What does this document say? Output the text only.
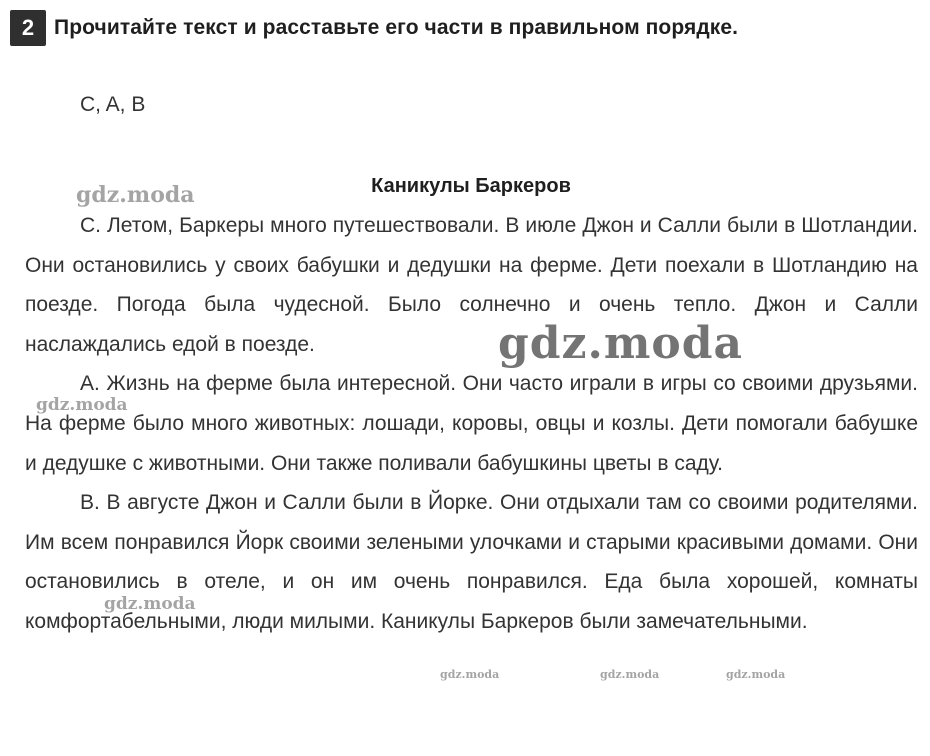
2 Прочитайте текст и расставьте его части в правильном порядке.
C, A, B
Каникулы Баркеров

С. Летом, Баркеры много путешествовали. В июле Джон и Салли были в Шотландии. Они остановились у своих бабушки и дедушки на ферме. Дети поехали в Шотландию на поезде. Погода была чудесной. Было солнечно и очень тепло. Джон и Салли наслаждались едой в поезде.

А. Жизнь на ферме была интересной. Они часто играли в игры со своими друзьями. На ферме было много животных: лошади, коровы, овцы и козлы. Дети помогали бабушке и дедушке с животными. Они также поливали бабушкины цветы в саду.

В. В августе Джон и Салли были в Йорке. Они отдыхали там со своими родителями. Им всем понравился Йорк своими зелеными улочками и старыми красивыми домами. Они остановились в отеле, и он им очень понравился. Еда была хорошей, комнаты комфортабельными, люди милыми. Каникулы Баркеров были замечательными.

gdz.moda
gdz.moda
gdz.moda
gdz.moda
gdz.moda	gdz.moda	gdz.moda
